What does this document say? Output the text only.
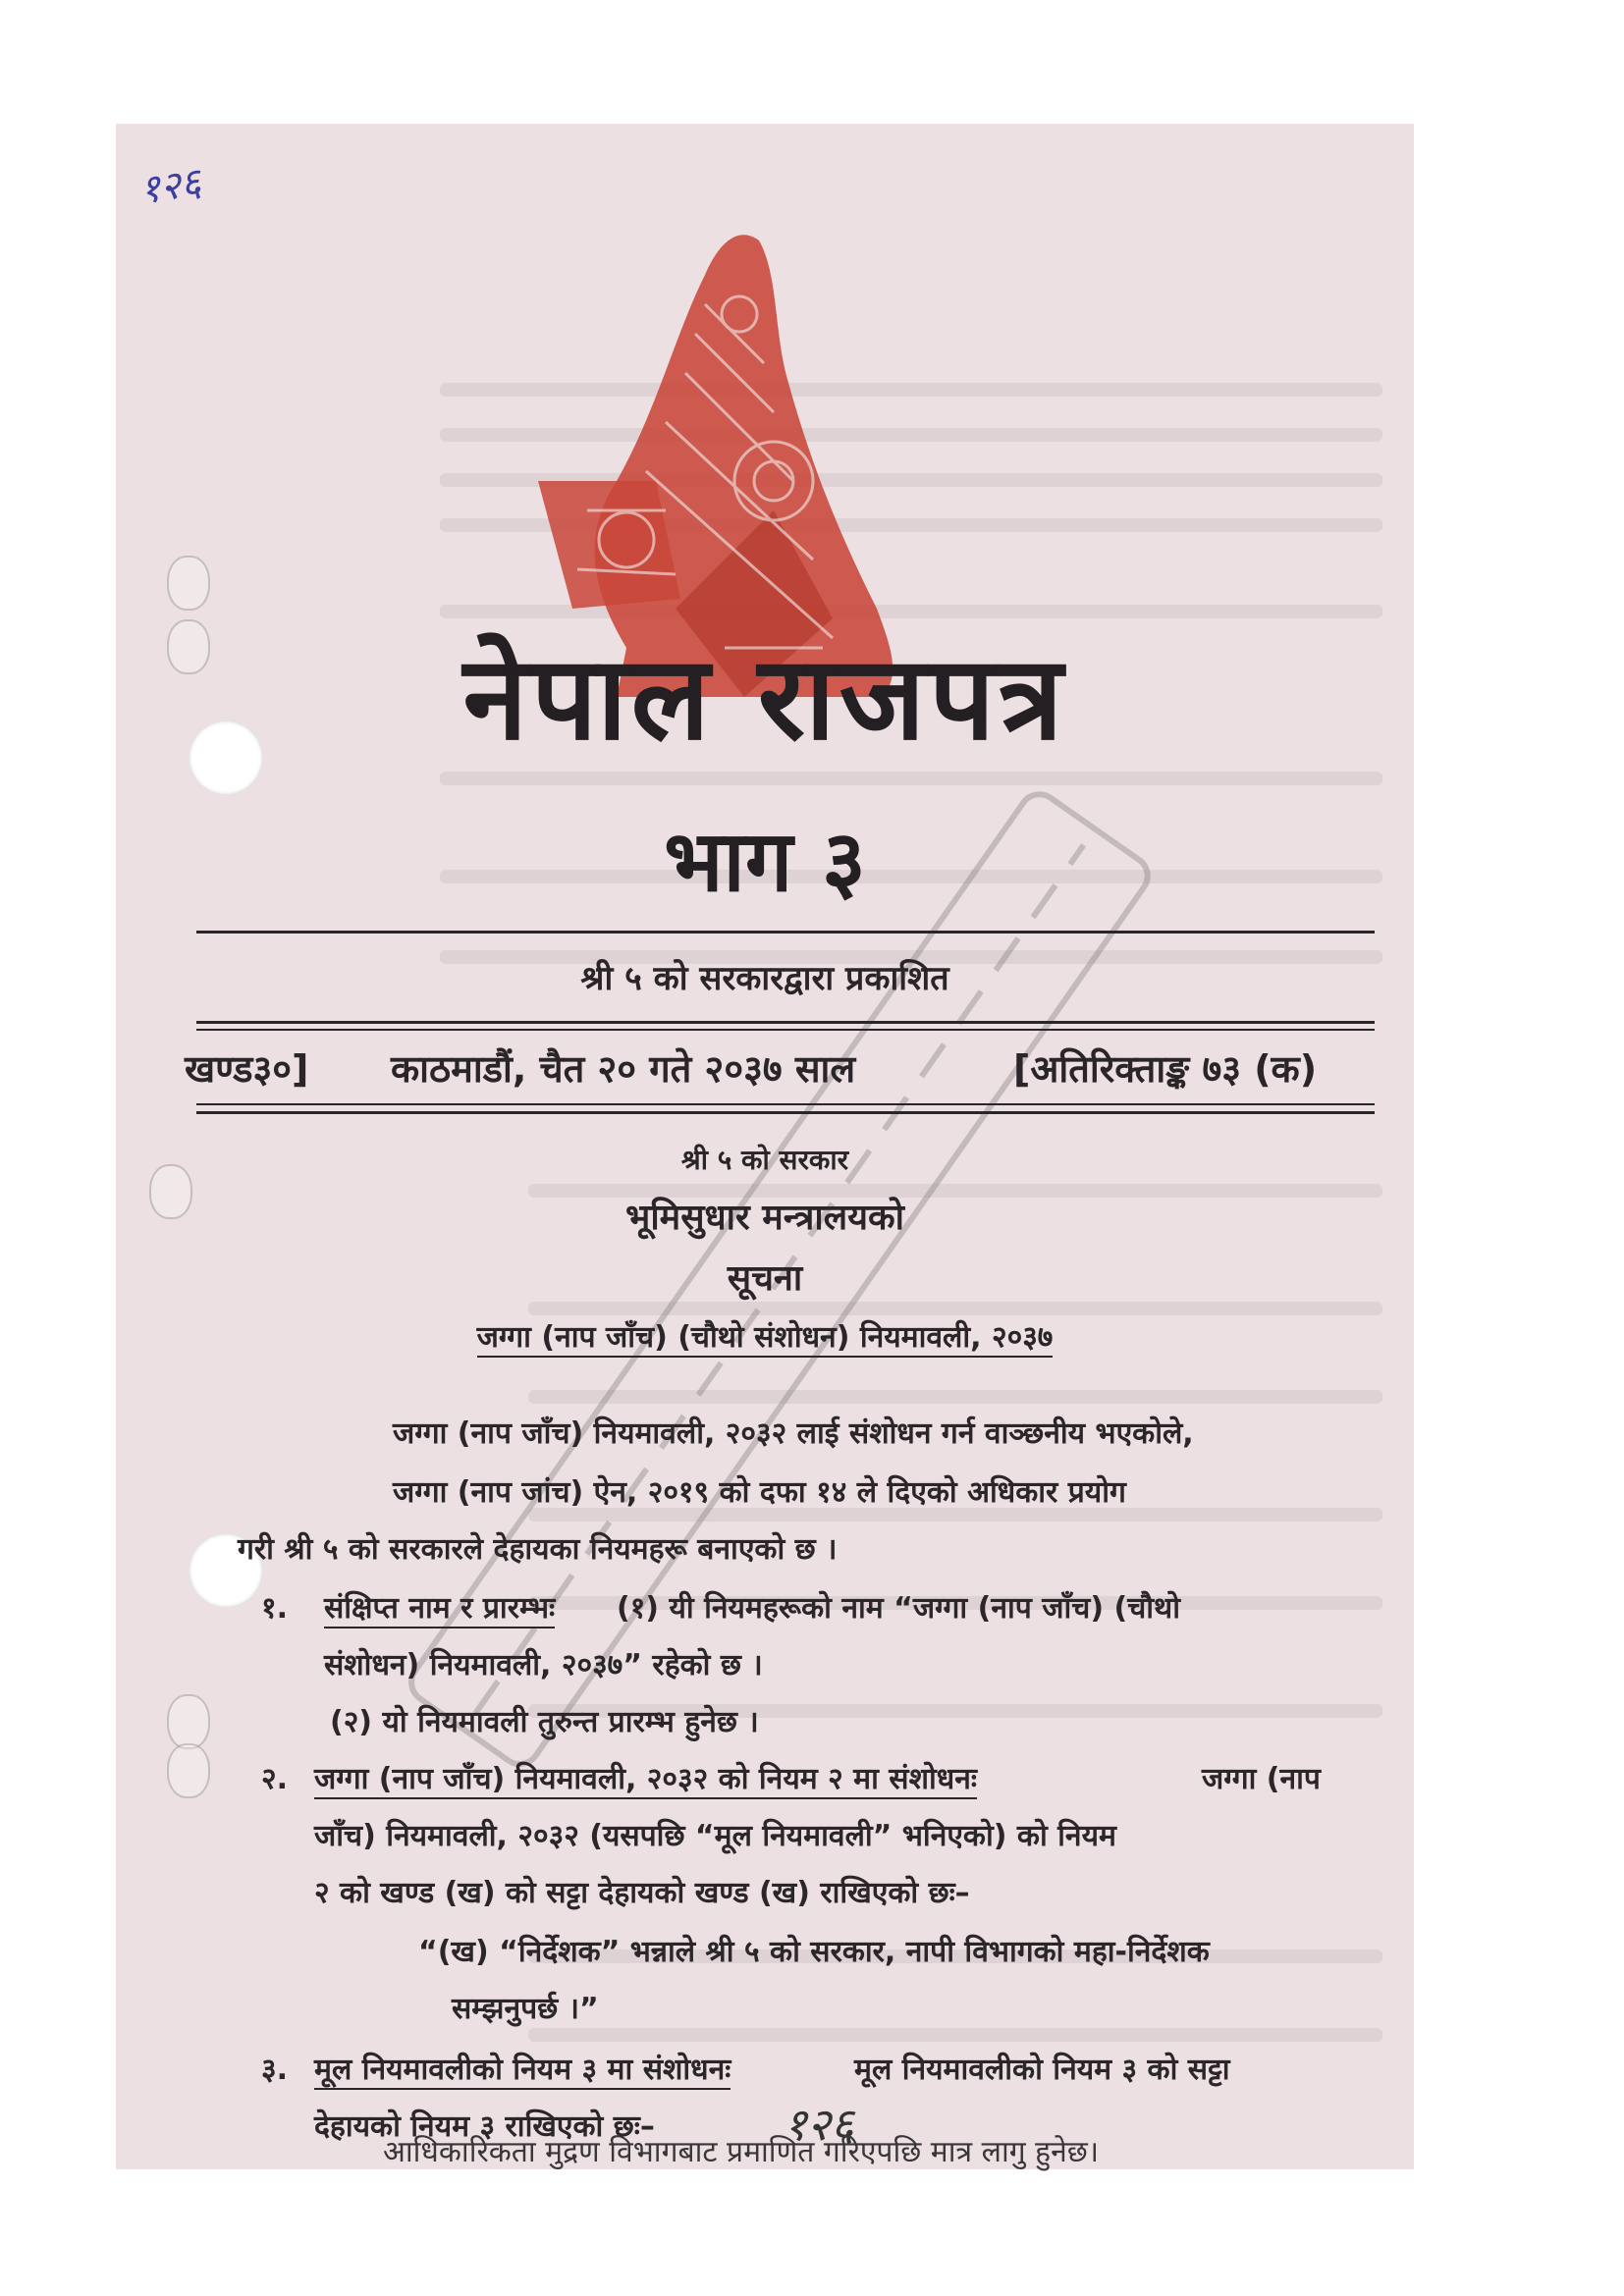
१२६
नेपाल राजपत्र
भाग ३
श्री ५ को सरकारद्वारा प्रकाशित
खण्ड३०] काठमाडौं, चैत २० गते २०३७ साल	[अतिरिक्ताङ्क ७३ (क)
श्री ५ को सरकार
भूमिसुधार मन्त्रालयको
सूचना
जग्गा (नाप जाँच) (चौथो संशोधन) नियमावली, २०३७
जग्गा (नाप जाँच) नियमावली, २०३२ लाई संशोधन गर्न वाञ्छनीय भएकोले,
जग्गा (नाप जांच) ऐन, २०१९ को दफा १४ ले दिएको अधिकार प्रयोग
गरी श्री ५ को सरकारले देहायका नियमहरू बनाएको छ ।
१. संक्षिप्त नाम र प्रारम्भः (१) यी नियमहरूको नाम “जग्गा (नाप जाँच) (चौथो
संशोधन) नियमावली, २०३७” रहेको छ ।
(२) यो नियमावली तुरुन्त प्रारम्भ हुनेछ ।
२. जग्गा (नाप जाँच) नियमावली, २०३२ को नियम २ मा संशोधनः	जग्गा (नाप
जाँच) नियमावली, २०३२ (यसपछि “मूल नियमावली” भनिएको) को नियम
२ को खण्ड (ख) को सट्टा देहायको खण्ड (ख) राखिएको छः–
“(ख) “निर्देशक” भन्नाले श्री ५ को सरकार, नापी विभागको महा-निर्देशक
सम्झनुपर्छ ।”
३. मूल नियमावलीको नियम ३ मा संशोधनः	मूल नियमावलीको नियम ३ को सट्टा
देहायको नियम ३ राखिएको छः–	१२६
आधिकारिकता मुद्रण विभागबाट प्रमाणित गरिएपछि मात्र लागु हुनेछ।
